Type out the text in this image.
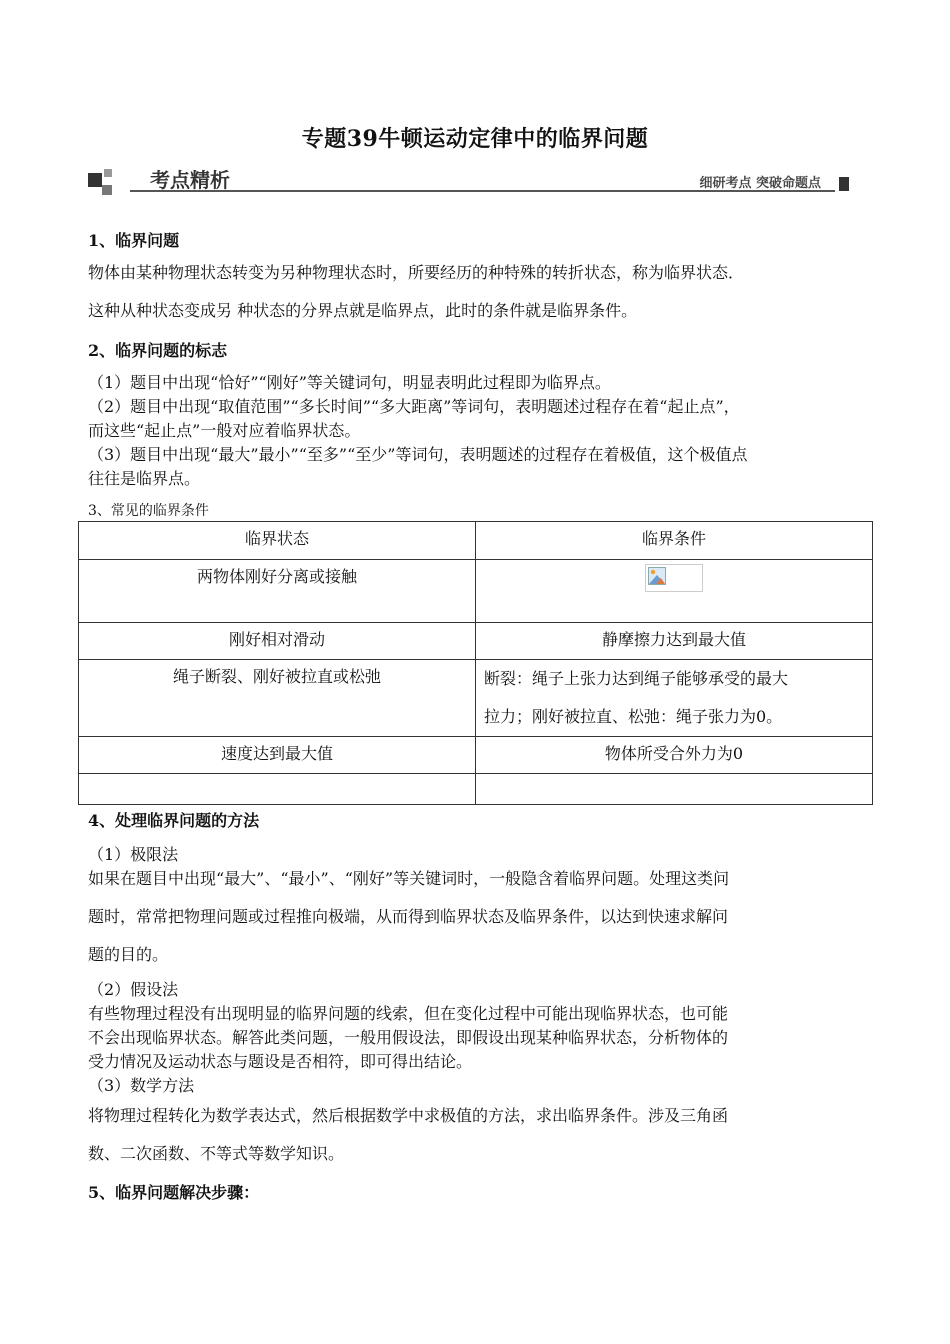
专题39牛顿运动定律中的临界问题
考点精析	细研考点 突破命题点
1、临界问题
物体由某种物理状态转变为另种物理状态时，所要经历的种特殊的转折状态，称为临界状态．
这种从种状态变成另 种状态的分界点就是临界点，此时的条件就是临界条件。
2、临界问题的标志
（1）题目中出现“恰好”“刚好”等关键词句，明显表明此过程即为临界点。
（2）题目中出现“取值范围”“多长时间”“多大距离”等词句，表明题述过程存在着“起止点”，
而这些“起止点”一般对应着临界状态。
（3）题目中出现“最大”最小”“至多”“至少”等词句，表明题述的过程存在着极值，这个极值点
往往是临界点。
3、常见的临界条件
临界状态	临界条件
两物体刚好分离或接触	

刚好相对滑动	静摩擦力达到最大值
绳子断裂、刚好被拉直或松弛	断裂：绳子上张力达到绳子能够承受的最大
拉力；刚好被拉直、松弛：绳子张力为0。

速度达到最大值	物体所受合外力为0

4、处理临界问题的方法
（1）极限法
如果在题目中出现“最大”、“最小”、“刚好”等关键词时，一般隐含着临界问题。处理这类问
题时，常常把物理问题或过程推向极端，从而得到临界状态及临界条件，以达到快速求解问
题的目的。
（2）假设法
有些物理过程没有出现明显的临界问题的线索，但在变化过程中可能出现临界状态，也可能
不会出现临界状态。解答此类问题，一般用假设法，即假设出现某种临界状态，分析物体的
受力情况及运动状态与题设是否相符，即可得出结论。
（3）数学方法
将物理过程转化为数学表达式，然后根据数学中求极值的方法，求出临界条件。涉及三角函
数、二次函数、不等式等数学知识。
5、临界问题解决步骤：
